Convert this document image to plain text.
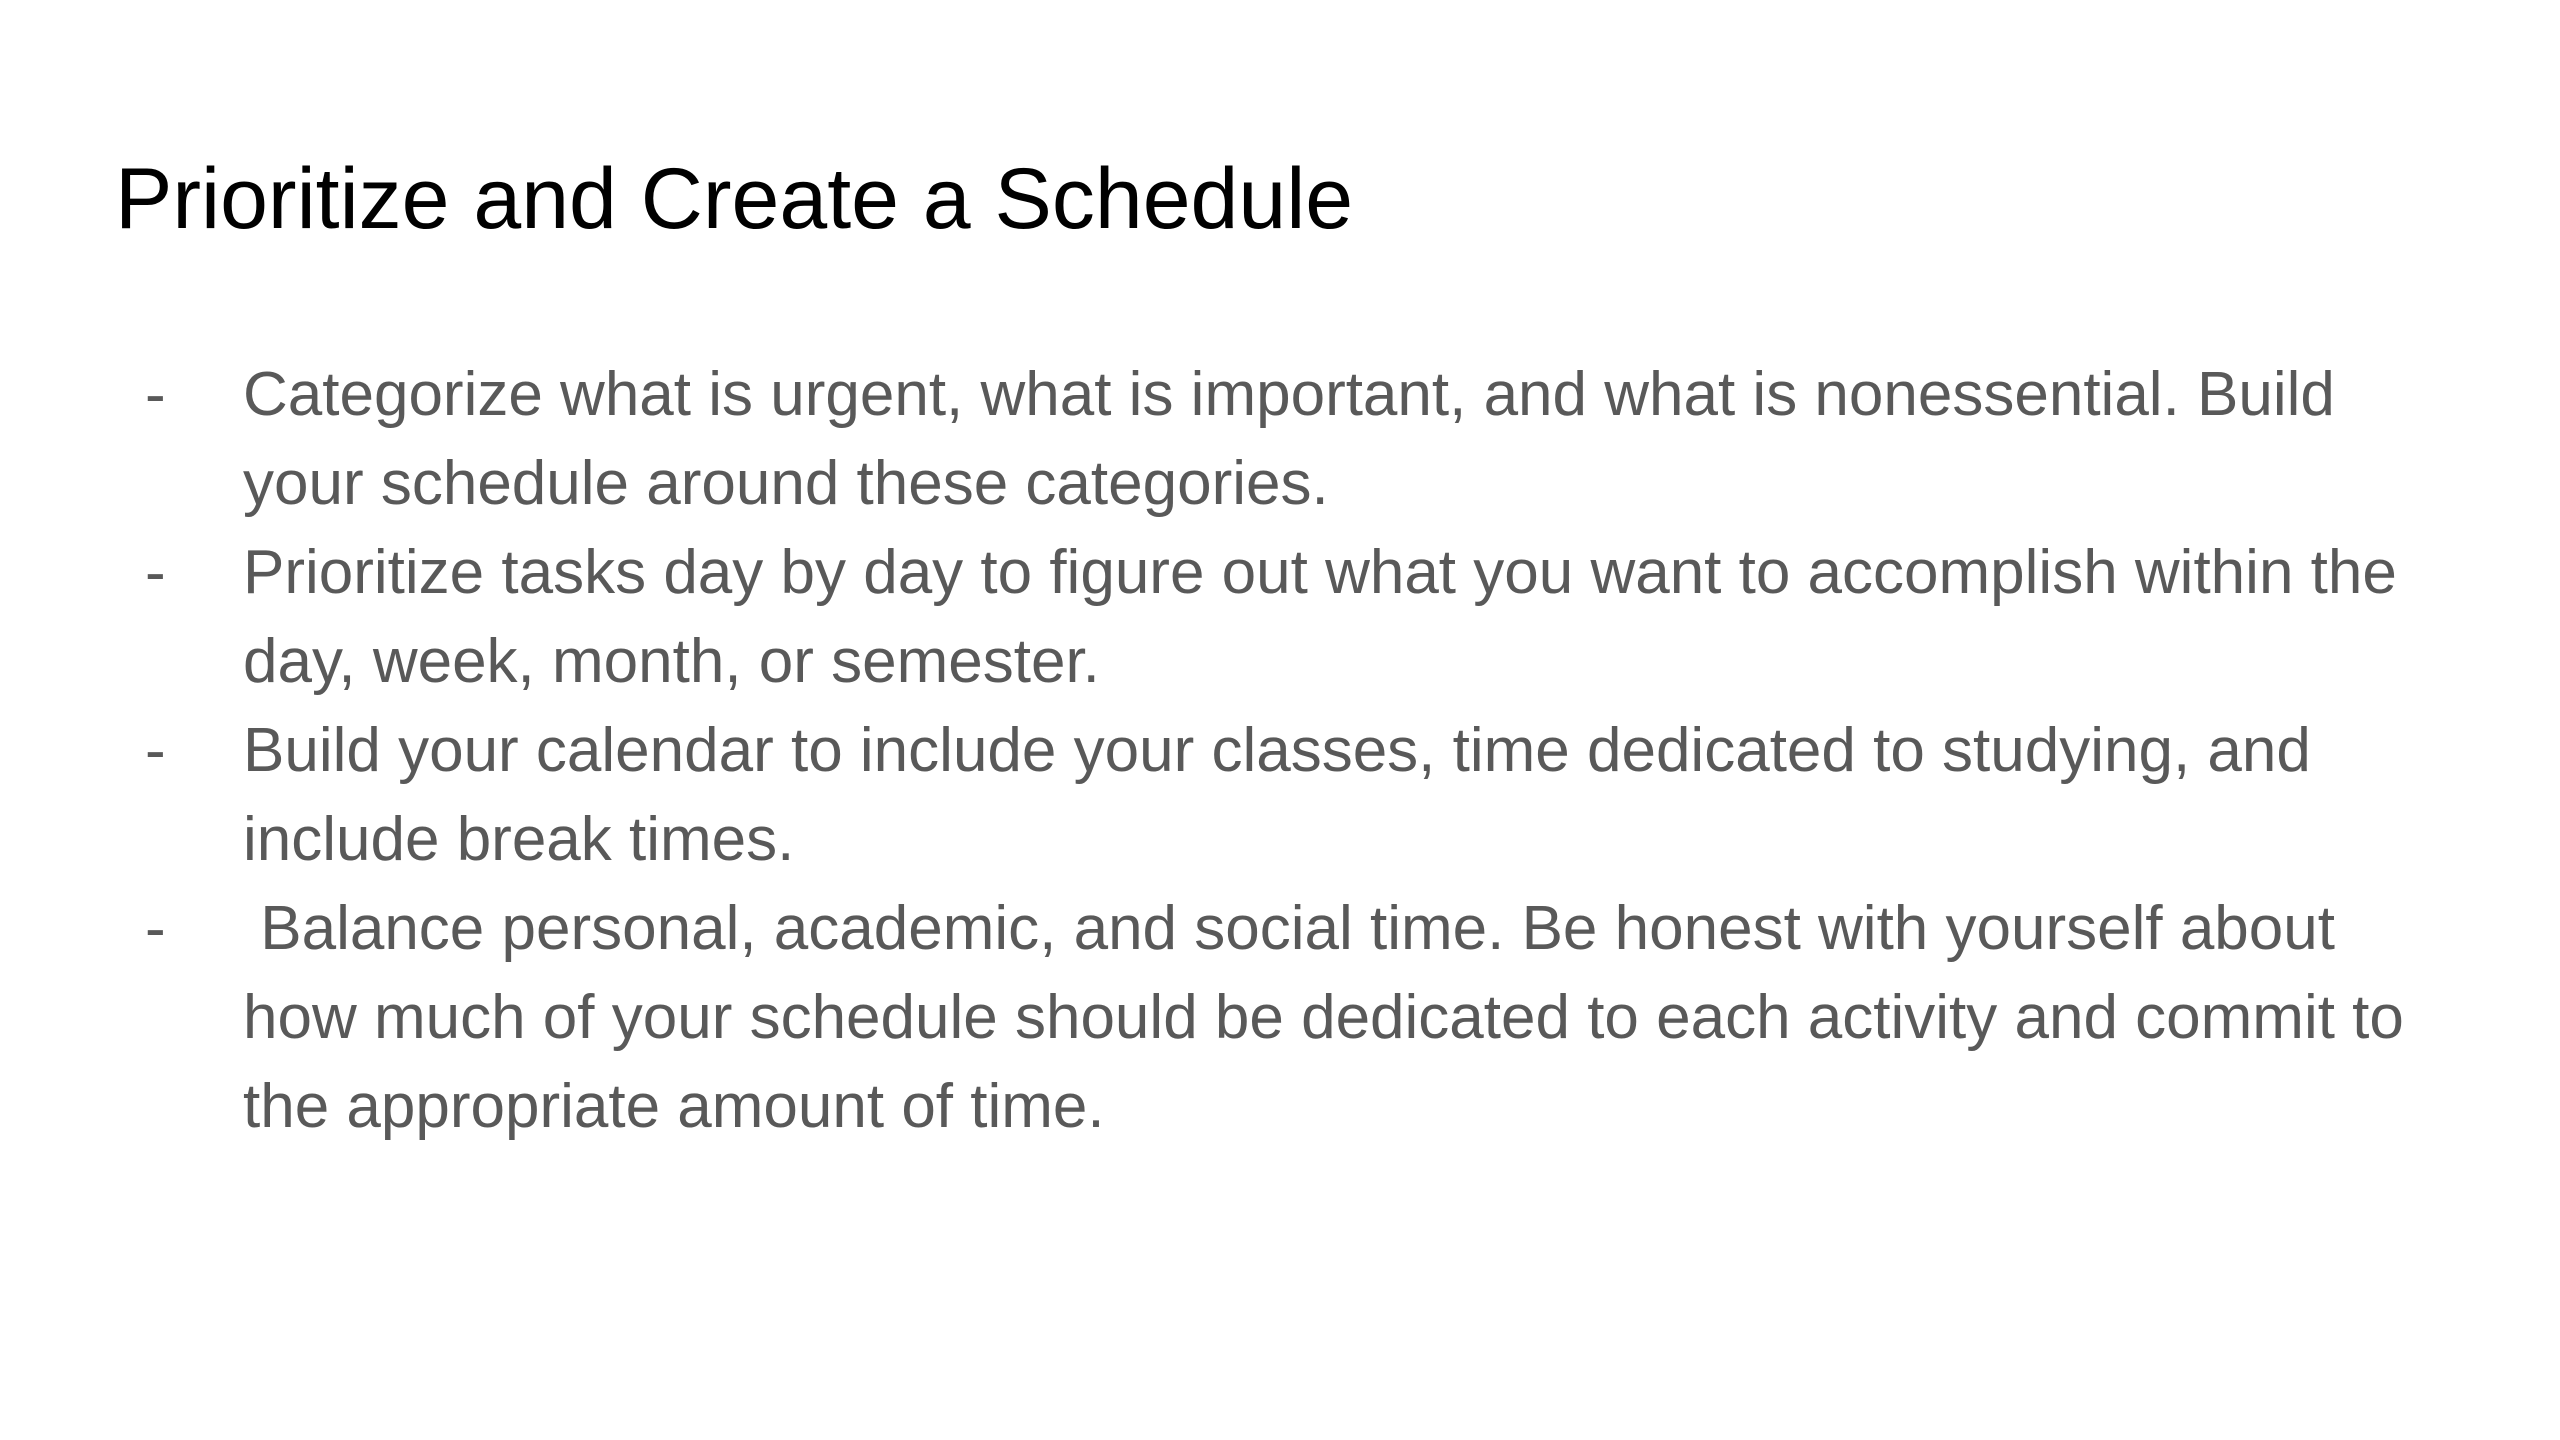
Prioritize and Create a Schedule
-	Categorize what is urgent, what is important, and what is nonessential. Build your schedule around these categories.
-	Prioritize tasks day by day to figure out what you want to accomplish within the day, week, month, or semester.
-	Build your calendar to include your classes, time dedicated to studying, and include break times.
-	Balance personal, academic, and social time. Be honest with yourself about how much of your schedule should be dedicated to each activity and commit to the appropriate amount of time.
